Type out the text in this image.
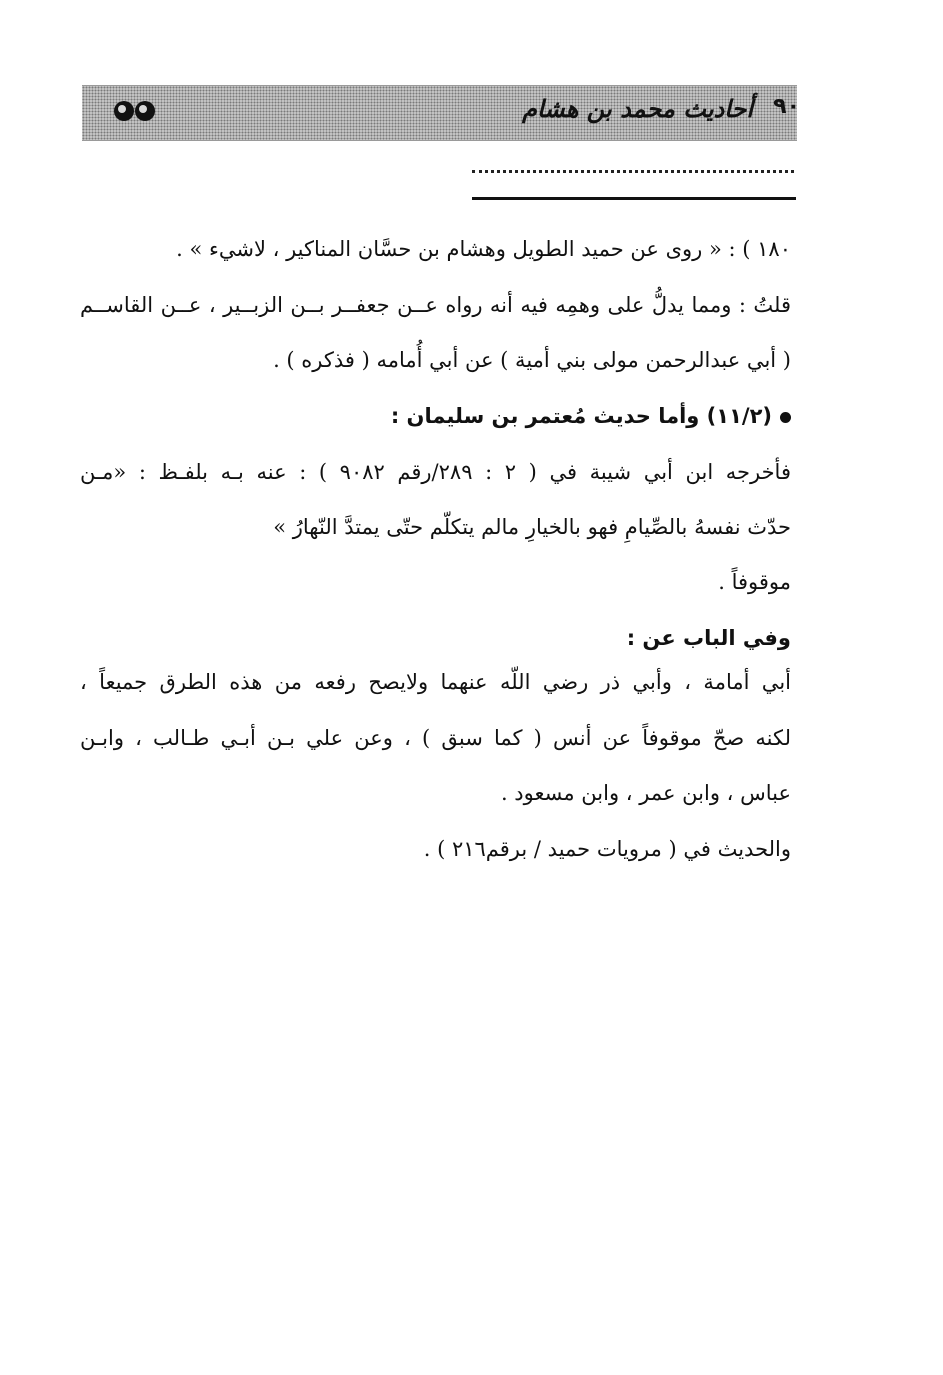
٩٠
أحاديث محمد بن هشام
١٨٠ ) : « روى عن حميد الطويل وهشام بن حسَّان المناكير ، لاشيء » .
قلتُ : ومما يدلُّ على وهمِه فيه أنه رواه عــن جعفــر بــن الزبــير ، عــن القاســم
( أبي عبدالرحمن مولى بني أمية ) عن أبي أُمامه ( فذكره ) .
(١١/٢) وأما حديث مُعتمر بن سليمان :
فأخرجه ابن أبي شيبة في ( ٢ : ٢٨٩/رقم ٩٠٨٢ ) : عنه بـه بلفـظ : «مـن
حدّث نفسهُ بالصِّيامِ فهو بالخيارِ مالم يتكلّم حتّى يمتدَّ النّهارُ »
موقوفاً .
وفي الباب عن :
أبي أمامة ، وأبي ذر رضي اللّه عنهما ولايصح رفعه من هذه الطرق جميعاً ،
لكنه صحّ موقوفاً عن أنس ( كما سبق ) ، وعن علي بـن أبـي طـالب ، وابـن
عباس ، وابن عمر ، وابن مسعود .
والحديث في ( مرويات حميد / برقم٢١٦ ) .
